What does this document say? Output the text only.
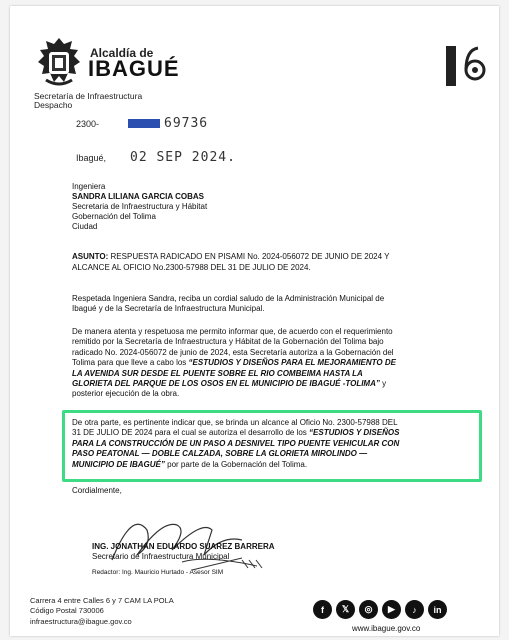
Alcaldía de
IBAGUÉ
Secretaría de Infraestructura
Despacho
2300-	69736
Ibagué, 02 SEP 2024.
Ingeniera
SANDRA LILIANA GARCIA COBAS
Secretaria de Infraestructura y Hábitat
Gobernación del Tolima
Ciudad
ASUNTO: RESPUESTA RADICADO EN PISAMI No. 2024-056072 DE JUNIO DE 2024 Y
ALCANCE AL OFICIO No.2300-57988 DEL 31 DE JULIO DE 2024.
Respetada Ingeniera Sandra, reciba un cordial saludo de la Administración Municipal de
Ibagué y de la Secretaría de Infraestructura Municipal.
De manera atenta y respetuosa me permito informar que, de acuerdo con el requerimiento
remitido por la Secretaría de Infraestructura y Hábitat de la Gobernación del Tolima bajo
radicado No. 2024-056072 de junio de 2024, esta Secretaría autoriza a la Gobernación del
Tolima para que lleve a cabo los “ESTUDIOS Y DISEÑOS PARA EL MEJORAMIENTO DE
LA AVENIDA SUR DESDE EL PUENTE SOBRE EL RIO COMBEIMA HASTA LA
GLORIETA DEL PARQUE DE LOS OSOS EN EL MUNICIPIO DE IBAGUÉ -TOLIMA” y
posterior ejecución de la obra.
De otra parte, es pertinente indicar que, se brinda un alcance al Oficio No. 2300-57988 DEL
31 DE JULIO DE 2024 para el cual se autoriza el desarrollo de los “ESTUDIOS Y DISEÑOS
PARA LA CONSTRUCCIÓN DE UN PASO A DESNIVEL TIPO PUENTE VEHICULAR CON
PASO PEATONAL — DOBLE CALZADA, SOBRE LA GLORIETA MIROLINDO —
MUNICIPIO DE IBAGUÉ” por parte de la Gobernación del Tolima.
Cordialmente,
ING. JONATHAN EDUARDO SUAREZ BARRERA
Secretario de Infraestructura Municipal
Redactor: Ing. Mauricio Hurtado - Asesor SIM
Carrera 4 entre Calles 6 y 7 CAM LA POLA
Código Postal 730006
infraestructura@ibague.gov.co
f	𝕏	◎	▶	♪	in
www.ibague.gov.co
